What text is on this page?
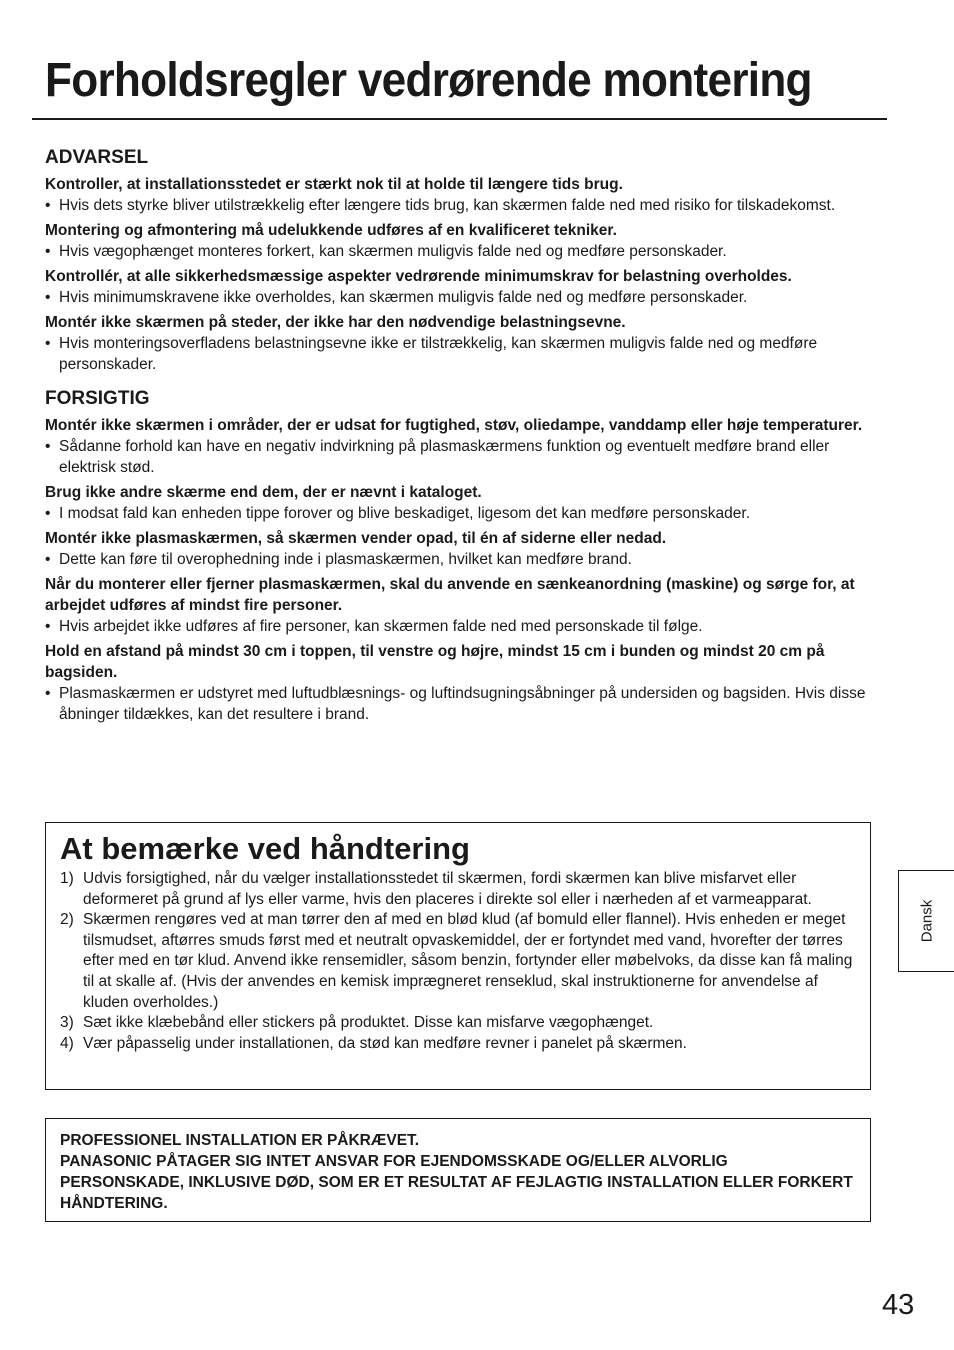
Forholdsregler vedrørende montering
ADVARSEL

Kontroller, at installationsstedet er stærkt nok til at holde til længere tids brug.

• Hvis dets styrke bliver utilstrækkelig efter længere tids brug, kan skærmen falde ned med risiko for tilskadekomst.

Montering og afmontering må udelukkende udføres af en kvalificeret tekniker.

• Hvis vægophænget monteres forkert, kan skærmen muligvis falde ned og medføre personskader.

Kontrollér, at alle sikkerhedsmæssige aspekter vedrørende minimumskrav for belastning overholdes.

• Hvis minimumskravene ikke overholdes, kan skærmen muligvis falde ned og medføre personskader.

Montér ikke skærmen på steder, der ikke har den nødvendige belastningsevne.

• Hvis monteringsoverfladens belastningsevne ikke er tilstrækkelig, kan skærmen muligvis falde ned og medføre personskader.

FORSIGTIG

Montér ikke skærmen i områder, der er udsat for fugtighed, støv, oliedampe, vanddamp eller høje temperaturer.

• Sådanne forhold kan have en negativ indvirkning på plasmaskærmens funktion og eventuelt medføre brand eller elektrisk stød.

Brug ikke andre skærme end dem, der er nævnt i kataloget.

• I modsat fald kan enheden tippe forover og blive beskadiget, ligesom det kan medføre personskader.

Montér ikke plasmaskærmen, så skærmen vender opad, til én af siderne eller nedad.

• Dette kan føre til overophedning inde i plasmaskærmen, hvilket kan medføre brand.

Når du monterer eller fjerner plasmaskærmen, skal du anvende en sænkeanordning (maskine) og sørge for, at arbejdet udføres af mindst fire personer.

• Hvis arbejdet ikke udføres af fire personer, kan skærmen falde ned med personskade til følge.

Hold en afstand på mindst 30 cm i toppen, til venstre og højre, mindst 15 cm i bunden og mindst 20 cm på bagsiden.

• Plasmaskærmen er udstyret med luftudblæsnings- og luftindsugningsåbninger på undersiden og bagsiden. Hvis disse åbninger tildækkes, kan det resultere i brand.

At bemærke ved håndtering

1) Udvis forsigtighed, når du vælger installationsstedet til skærmen, fordi skærmen kan blive misfarvet eller deformeret på grund af lys eller varme, hvis den placeres i direkte sol eller i nærheden af et varmeapparat.

2) Skærmen rengøres ved at man tørrer den af med en blød klud (af bomuld eller flannel). Hvis enheden er meget tilsmudset, aftørres smuds først med et neutralt opvaskemiddel, der er fortyndet med vand, hvorefter der tørres efter med en tør klud. Anvend ikke rensemidler, såsom benzin, fortynder eller møbelvoks, da disse kan få maling til at skalle af. (Hvis der anvendes en kemisk imprægneret renseklud, skal instruktionerne for anvendelse af kluden overholdes.)

3) Sæt ikke klæbebånd eller stickers på produktet. Disse kan misfarve vægophænget.

4) Vær påpasselig under installationen, da stød kan medføre revner i panelet på skærmen.

PROFESSIONEL INSTALLATION ER PÅKRÆVET.

PANASONIC PÅTAGER SIG INTET ANSVAR FOR EJENDOMSSKADE OG/ELLER ALVORLIG PERSONSKADE, INKLUSIVE DØD, SOM ER ET RESULTAT AF FEJLAGTIG INSTALLATION ELLER FORKERT HÅNDTERING.

Dansk
43
